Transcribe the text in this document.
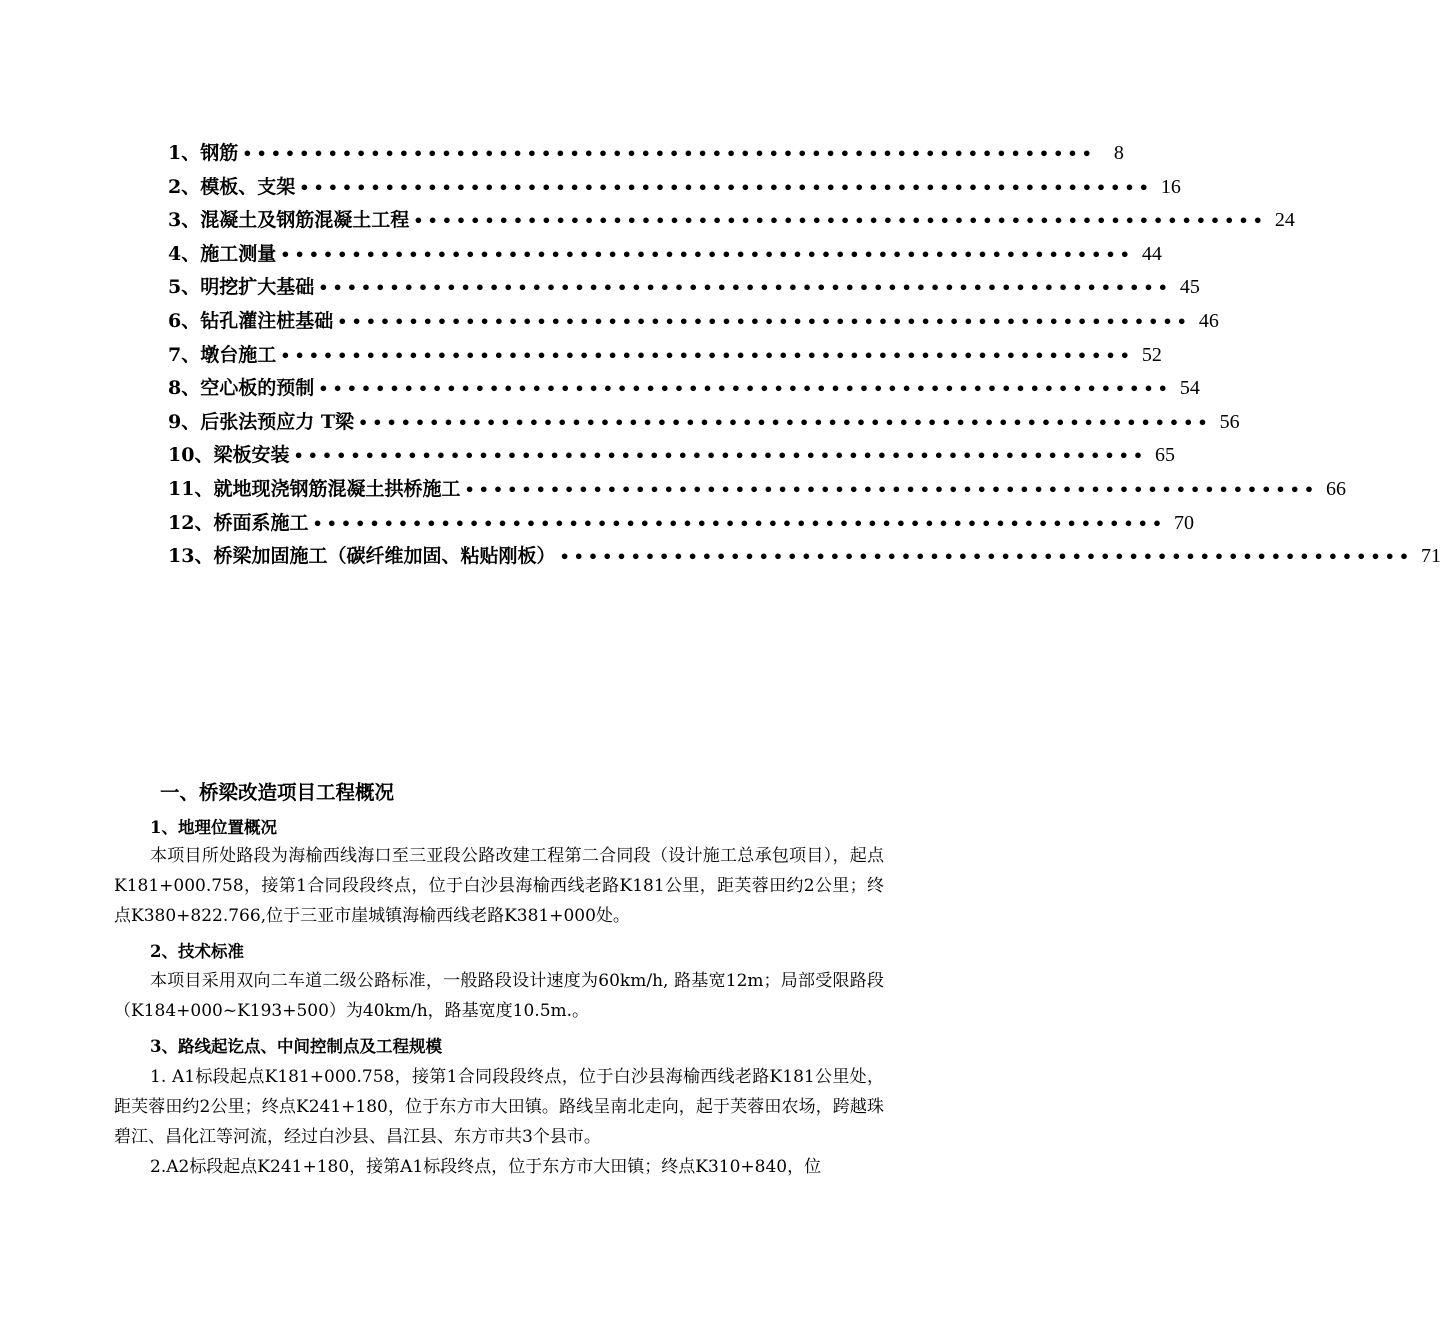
1、钢筋 •••••••••••••••••••••••••••••••••••••••••••••••••••••••••••• 8
2、模板、支架 •••••••••••••••••••••••••••••••••••••••••••••••••••••••••••• 16
3、混凝土及钢筋混凝土工程 •••••••••••••••••••••••••••••••••••••••••••••••••••••••••••• 24
4、施工测量 •••••••••••••••••••••••••••••••••••••••••••••••••••••••••••• 44
5、明挖扩大基础 •••••••••••••••••••••••••••••••••••••••••••••••••••••••••••• 45
6、钻孔灌注桩基础 •••••••••••••••••••••••••••••••••••••••••••••••••••••••••••• 46
7、墩台施工 •••••••••••••••••••••••••••••••••••••••••••••••••••••••••••• 52
8、空心板的预制 •••••••••••••••••••••••••••••••••••••••••••••••••••••••••••• 54
9、后张法预应力 T梁 •••••••••••••••••••••••••••••••••••••••••••••••••••••••••••• 56
10、梁板安装 •••••••••••••••••••••••••••••••••••••••••••••••••••••••••••• 65
11、就地现浇钢筋混凝土拱桥施工 •••••••••••••••••••••••••••••••••••••••••••••••••••••••••••• 66
12、桥面系施工 •••••••••••••••••••••••••••••••••••••••••••••••••••••••••••• 70
13、桥梁加固施工（碳纤维加固、粘贴刚板） •••••••••••••••••••••••••••••••••••••••••••••••••••••••••••• 71
一、桥梁改造项目工程概况
1、地理位置概况

本项目所处路段为海榆西线海口至三亚段公路改建工程第二合同段（设计施工总承包项目），起点K181+000.758，接第1合同段段终点，位于白沙县海榆西线老路K181公里，距芙蓉田约2公里；终点K380+822.766,位于三亚市崖城镇海榆西线老路K381+000处。

2、技术标准

本项目采用双向二车道二级公路标准，一般路段设计速度为60km/h, 路基宽12m；局部受限路段（K184+000~K193+500）为40km/h，路基宽度10.5m.。

3、路线起讫点、中间控制点及工程规模

1. A1标段起点K181+000.758，接第1合同段段终点，位于白沙县海榆西线老路K181公里处，距芙蓉田约2公里；终点K241+180，位于东方市大田镇。路线呈南北走向，起于芙蓉田农场，跨越珠碧江、昌化江等河流，经过白沙县、昌江县、东方市共3个县市。

2.A2标段起点K241+180，接第A1标段终点，位于东方市大田镇；终点K310+840，位
